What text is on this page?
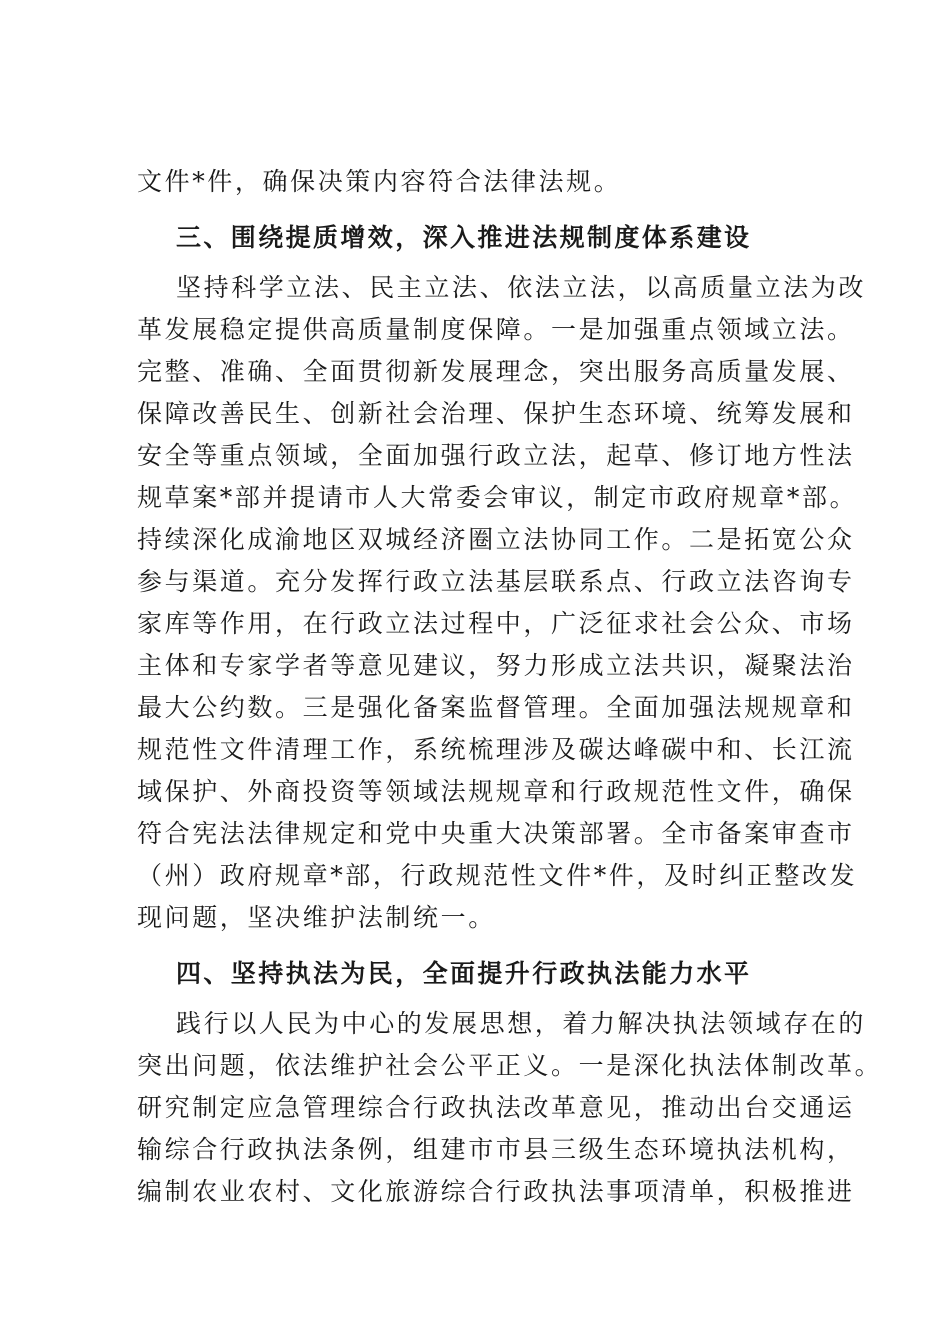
文件*件，确保决策内容符合法律法规。
三、围绕提质增效，深入推进法规制度体系建设
坚持科学立法、民主立法、依法立法，以高质量立法为改
革发展稳定提供高质量制度保障。一是加强重点领域立法。
完整、准确、全面贯彻新发展理念，突出服务高质量发展、
保障改善民生、创新社会治理、保护生态环境、统筹发展和
安全等重点领域，全面加强行政立法，起草、修订地方性法
规草案*部并提请市人大常委会审议，制定市政府规章*部。
持续深化成渝地区双城经济圈立法协同工作。二是拓宽公众
参与渠道。充分发挥行政立法基层联系点、行政立法咨询专
家库等作用，在行政立法过程中，广泛征求社会公众、市场
主体和专家学者等意见建议，努力形成立法共识，凝聚法治
最大公约数。三是强化备案监督管理。全面加强法规规章和
规范性文件清理工作，系统梳理涉及碳达峰碳中和、长江流
域保护、外商投资等领域法规规章和行政规范性文件，确保
符合宪法法律规定和党中央重大决策部署。全市备案审查市
（州）政府规章*部，行政规范性文件*件，及时纠正整改发
现问题，坚决维护法制统一。
四、坚持执法为民，全面提升行政执法能力水平
践行以人民为中心的发展思想，着力解决执法领域存在的
突出问题，依法维护社会公平正义。一是深化执法体制改革。
研究制定应急管理综合行政执法改革意见，推动出台交通运
输综合行政执法条例，组建市市县三级生态环境执法机构，
编制农业农村、文化旅游综合行政执法事项清单，积极推进
